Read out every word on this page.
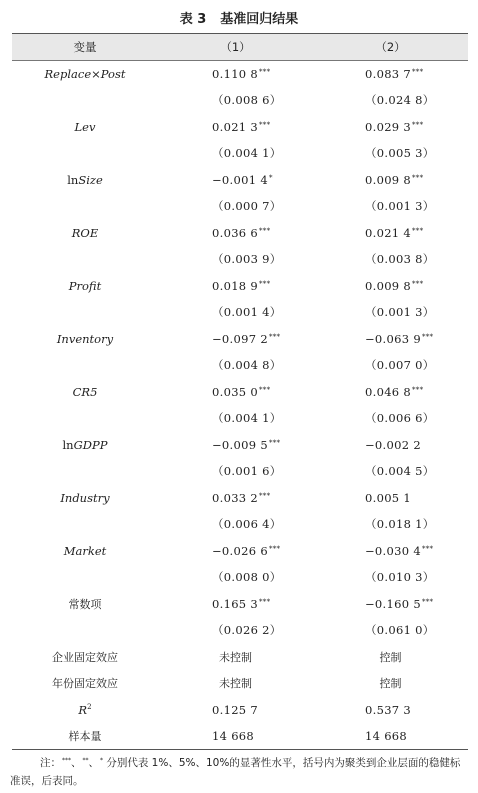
表 3 基准回归结果
变量	（1）	（2）
Replace×Post	0.110 8***	0.083 7***
	（0.008 6）	（0.024 8）
Lev	0.021 3***	0.029 3***
	（0.004 1）	（0.005 3）
lnSize	−0.001 4*	0.009 8***
	（0.000 7）	（0.001 3）
ROE	0.036 6***	0.021 4***
	（0.003 9）	（0.003 8）
Profit	0.018 9***	0.009 8***
	（0.001 4）	（0.001 3）
Inventory	−0.097 2***	−0.063 9***
	（0.004 8）	（0.007 0）
CR5	0.035 0***	0.046 8***
	（0.004 1）	（0.006 6）
lnGDPP	−0.009 5***	−0.002 2
	（0.001 6）	（0.004 5）
Industry	0.033 2***	0.005 1
	（0.006 4）	（0.018 1）
Market	−0.026 6***	−0.030 4***
	（0.008 0）	（0.010 3）
常数项	0.165 3***	−0.160 5***
	（0.026 2）	（0.061 0）
企业固定效应	未控制	控制
年份固定效应	未控制	控制
$R^2$	0.125 7	0.537 3
样本量	14 668	14 668
注：***、**、* 分别代表 1%、5%、10%的显著性水平，括号内为聚类到企业层面的稳健标准误，后表同。
